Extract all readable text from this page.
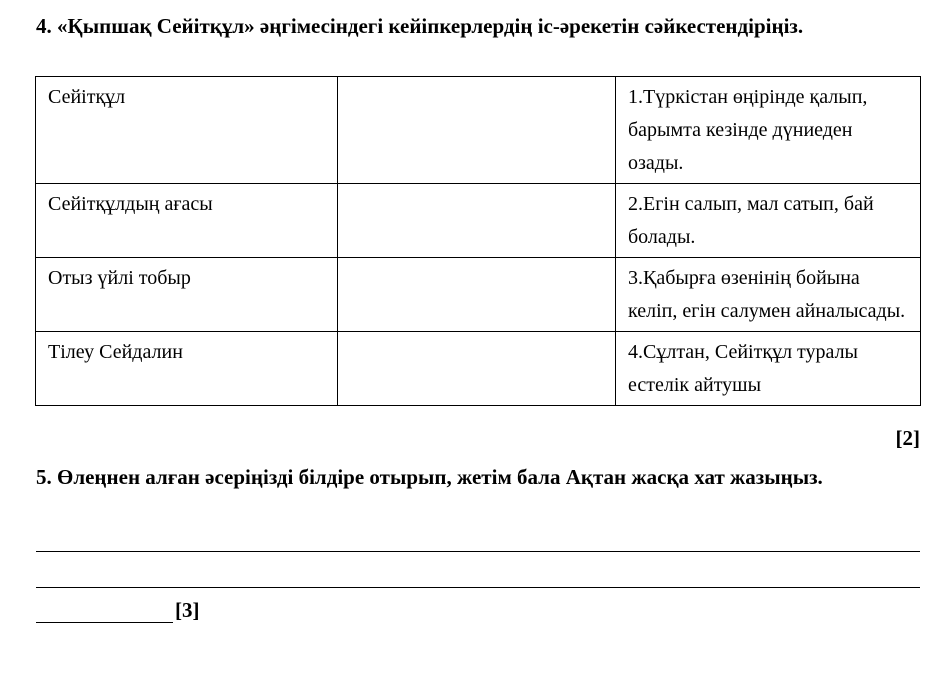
4. «Қыпшақ Сейітқұл» әңгімесіндегі кейіпкерлердің іс-әрекетін сәйкестендіріңіз.

Сейітқұл		1.Түркістан өңірінде қалып, барымта кезінде дүниеден озады.
Сейітқұлдың ағасы		2.Егін салып, мал сатып, бай болады.
Отыз үйлі тобыр		3.Қабырға өзенінің бойына келіп, егін салумен айналысады.
Тілеу Сейдалин		4.Сұлтан, Сейітқұл туралы естелік айтушы
[2]

5. Өлеңнен алған әсеріңізді білдіре отырып, жетім бала Ақтан жасқа хат жазыңыз.

[3]
